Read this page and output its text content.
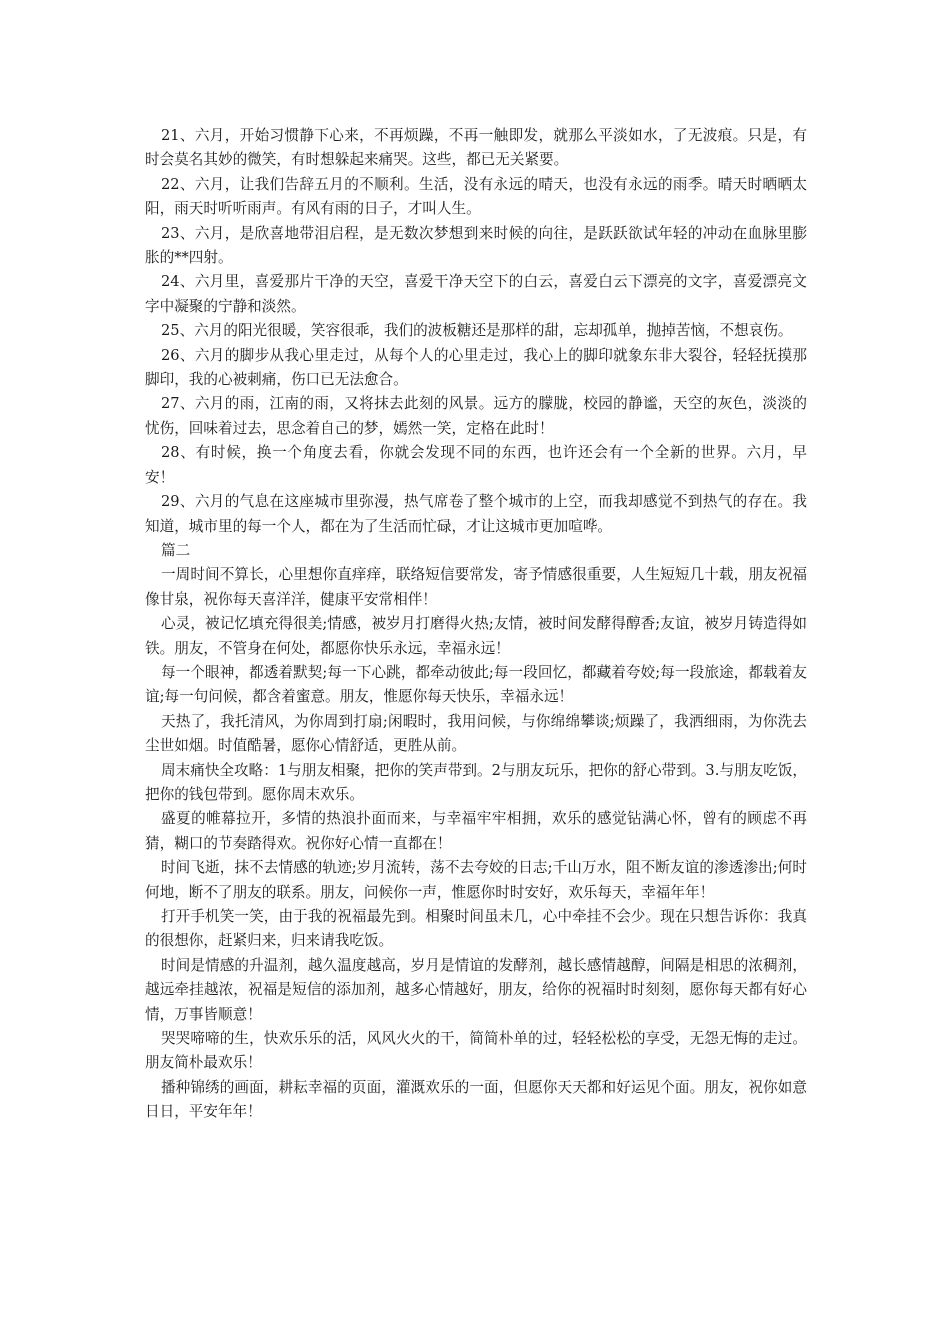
21、六月，开始习惯静下心来，不再烦躁，不再一触即发，就那么平淡如水，了无波痕。只是，有时会莫名其妙的微笑，有时想躲起来痛哭。这些，都已无关紧要。

22、六月，让我们告辞五月的不顺利。生活，没有永远的晴天，也没有永远的雨季。晴天时晒晒太阳，雨天时听听雨声。有风有雨的日子，才叫人生。

23、六月，是欣喜地带泪启程，是无数次梦想到来时候的向往，是跃跃欲试年轻的冲动在血脉里膨胀的**四射。

24、六月里，喜爱那片干净的天空，喜爱干净天空下的白云，喜爱白云下漂亮的文字，喜爱漂亮文字中凝聚的宁静和淡然。

25、六月的阳光很暖，笑容很乖，我们的波板糖还是那样的甜，忘却孤单，抛掉苦恼，不想哀伤。

26、六月的脚步从我心里走过，从每个人的心里走过，我心上的脚印就象东非大裂谷，轻轻抚摸那脚印，我的心被刺痛，伤口已无法愈合。

27、六月的雨，江南的雨，又将抹去此刻的风景。远方的朦胧，校园的静谧，天空的灰色，淡淡的忧伤，回味着过去，思念着自己的梦，嫣然一笑，定格在此时！

28、有时候，换一个角度去看，你就会发现不同的东西，也许还会有一个全新的世界。六月，早安！

29、六月的气息在这座城市里弥漫，热气席卷了整个城市的上空，而我却感觉不到热气的存在。我知道，城市里的每一个人，都在为了生活而忙碌，才让这城市更加喧哗。

篇二

一周时间不算长，心里想你直痒痒，联络短信要常发，寄予情感很重要，人生短短几十载，朋友祝福像甘泉，祝你每天喜洋洋，健康平安常相伴！

心灵，被记忆填充得很美;情感，被岁月打磨得火热;友情，被时间发酵得醇香;友谊，被岁月铸造得如铁。朋友，不管身在何处，都愿你快乐永远，幸福永远！

每一个眼神，都透着默契;每一下心跳，都牵动彼此;每一段回忆，都藏着夸姣;每一段旅途，都载着友谊;每一句问候，都含着蜜意。朋友，惟愿你每天快乐，幸福永远！

天热了，我托清风，为你周到打扇;闲暇时，我用问候，与你绵绵攀谈;烦躁了，我洒细雨，为你洗去尘世如烟。时值酷暑，愿你心情舒适，更胜从前。

周末痛快全攻略：1与朋友相聚，把你的笑声带到。2与朋友玩乐，把你的舒心带到。3.与朋友吃饭，把你的钱包带到。愿你周末欢乐。

盛夏的帷幕拉开，多情的热浪扑面而来，与幸福牢牢相拥，欢乐的感觉钻满心怀，曾有的顾虑不再猜，糊口的节奏踏得欢。祝你好心情一直都在！

时间飞逝，抹不去情感的轨迹;岁月流转，荡不去夸姣的日志;千山万水，阻不断友谊的渗透渗出;何时何地，断不了朋友的联系。朋友，问候你一声，惟愿你时时安好，欢乐每天，幸福年年！

打开手机笑一笑，由于我的祝福最先到。相聚时间虽未几，心中牵挂不会少。现在只想告诉你：我真的很想你，赶紧归来，归来请我吃饭。

时间是情感的升温剂，越久温度越高，岁月是情谊的发酵剂，越长感情越醇，间隔是相思的浓稠剂，越远牵挂越浓，祝福是短信的添加剂，越多心情越好，朋友，给你的祝福时时刻刻，愿你每天都有好心情，万事皆顺意！

哭哭啼啼的生，快欢乐乐的活，风风火火的干，简简朴单的过，轻轻松松的享受，无怨无悔的走过。朋友简朴最欢乐！

播种锦绣的画面，耕耘幸福的页面，灌溉欢乐的一面，但愿你天天都和好运见个面。朋友，祝你如意日日，平安年年！
